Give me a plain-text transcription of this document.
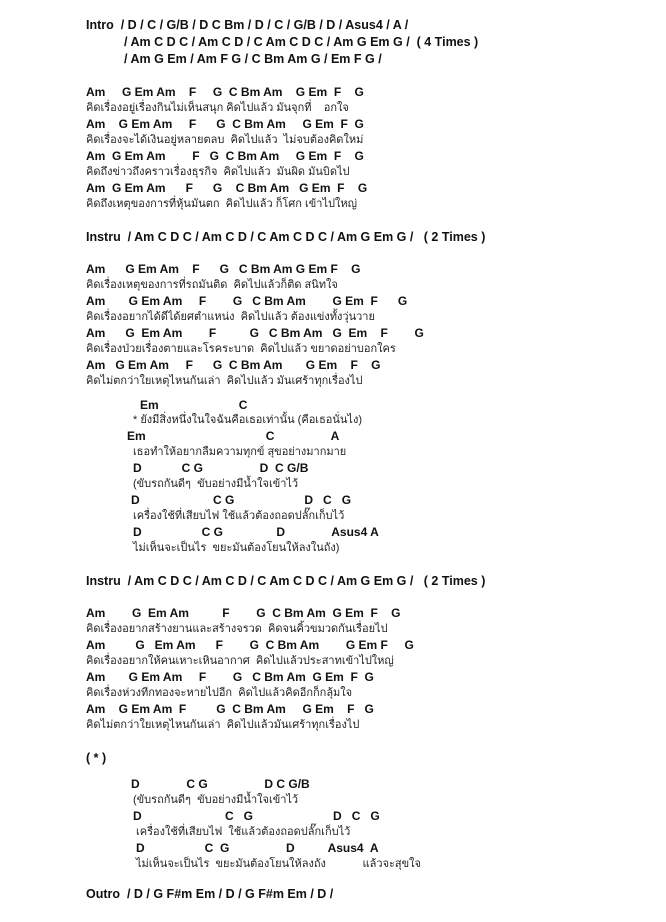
Intro  / D / C / G/B / D C Bm / D / C / G/B / D / Asus4 / A /

/ Am C D C / Am C D / C Am C D C / Am G Em G /  ( 4 Times )

/ Am G Em / Am F G / C Bm Am G / Em F G /

Am     G Em Am    F     G  C Bm Am    G Em  F    G

คิดเรื่องอยู่เรื่องกินไม่เห็นสนุก คิดไปแล้ว มันจุกที่    อกใจ

Am    G Em Am     F      G  C Bm Am     G Em  F  G

คิดเรื่องจะได้เงินอยู่หลายตลบ  คิดไปแล้ว  ไม่จบต้องคิดใหม่

Am  G Em Am        F   G  C Bm Am     G Em  F    G

คิดถึงข่าวถึงคราวเรื่องธุรกิจ  คิดไปแล้ว  มันผิด มันบิดไป

Am  G Em Am      F      G    C Bm Am   G Em  F    G

คิดถึงเหตุของการที่หุ้นมันตก  คิดไปแล้ว ก็โศก เข้าไปใหญ่

Instru  / Am C D C / Am C D / C Am C D C / Am G Em G /   ( 2 Times )

Am      G Em Am    F      G   C Bm Am G Em F    G

คิดเรื่องเหตุของการที่รถมันติด  คิดไปแล้วก็ติด สนิทใจ

Am       G Em Am     F        G   C Bm Am        G Em  F      G

คิดเรื่องอยากได้ดีได้ยศตำแหน่ง  คิดไปแล้ว ต้องแข่งทั้งวุ่นวาย

Am      G  Em Am        F          G   C Bm Am   G  Em    F        G

คิดเรื่องป่วยเรื่องตายและโรคระบาด  คิดไปแล้ว ขยาดอย่าบอกใคร

Am   G Em Am     F      G  C Bm Am       G Em    F    G

คิดไม่ตกว่าใยเหตุไหนกันเล่า  คิดไปแล้ว มันเศร้าทุกเรื่องไป

Em                        C

* ยังมีสิ่งหนึ่งในใจฉันคือเธอเท่านั้น (คือเธอนั่นไง)

Em                                    C                 A

เธอทำให้อยากลืมความทุกข์ สุขอย่างมากมาย

D            C G                 D  C G/B

(ขับรถกันดีๆ  ขับอย่างมีน้ำใจเข้าไว้

D                      C G                     D   C   G

เครื่องใช้ที่เสียบไฟ ใช้แล้วต้องถอดปลั๊กเก็บไว้

D                  C G                D              Asus4 A

ไม่เห็นจะเป็นไร  ขยะมันต้องโยนให้ลงในถัง)

Instru  / Am C D C / Am C D / C Am C D C / Am G Em G /   ( 2 Times )

Am        G  Em Am          F        G  C Bm Am  G Em  F    G

คิดเรื่องอยากสร้างยานและสร้างจรวด  คิดจนคิ้วขมวดกันเรื่อยไป

Am         G   Em Am      F        G  C Bm Am        G Em F     G

คิดเรื่องอยากให้คนเหาะเหินอากาศ  คิดไปแล้วประสาทเข้าไปใหญ่

Am       G Em Am     F        G   C Bm Am  G Em  F  G

คิดเรื่องห่วงทีกทองจะหายไปอีก  คิดไปแล้วคิดอีกก็กลุ้มใจ

Am    G Em Am  F         G  C Bm Am     G Em    F   G

คิดไม่ตกว่าใยเหตุไหนกันเล่า  คิดไปแล้วมันเศร้าทุกเรื่องไป

( * )

D              C G                 D C G/B

(ขับรถกันดีๆ  ขับอย่างมีน้ำใจเข้าไว้

D                         C   G                        D   C   G

เครื่องใช้ที่เสียบไฟ  ใช้แล้วต้องถอดปลั๊กเก็บไว้

D                  C  G                 D          Asus4  A

ไม่เห็นจะเป็นไร  ขยะมันต้องโยนให้ลงถัง            แล้วจะสุขใจ

Outro  / D / G F#m Em / D / G F#m Em / D /
